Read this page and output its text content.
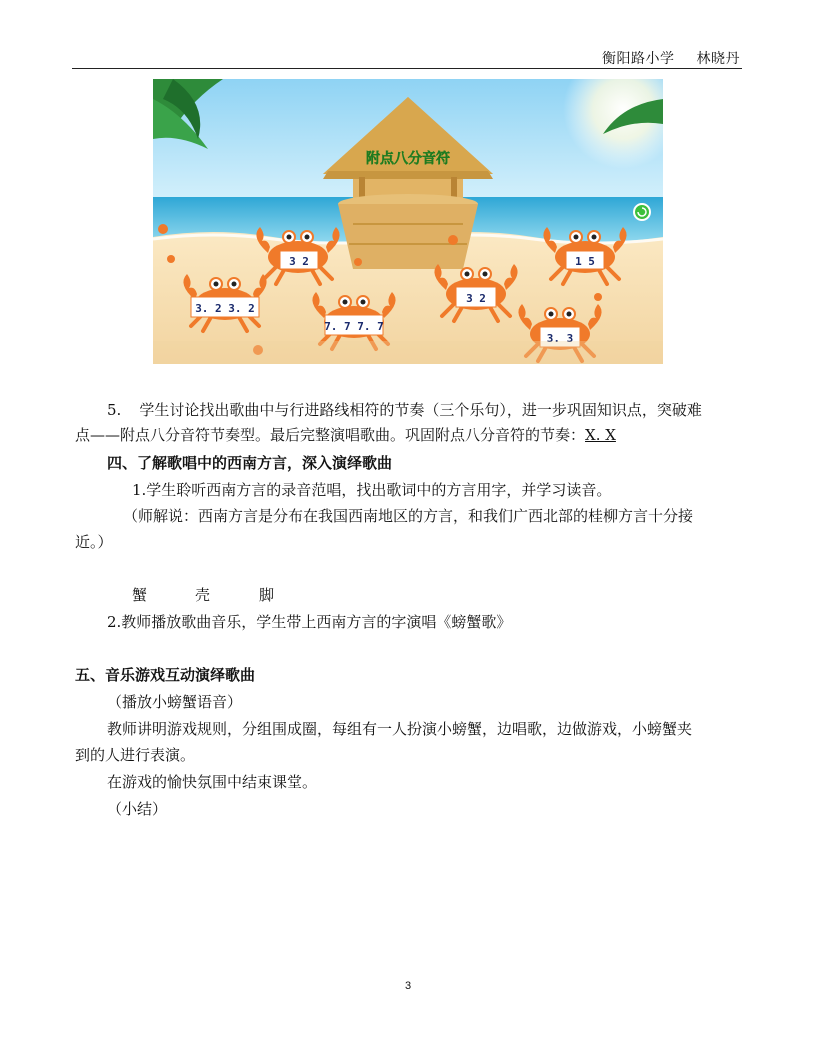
衡阳路小学 林晓丹
附点八分音符
3 2	1 5
3. 2 3. 2
3 2
7. 7 7. 7
3. 3
5. 学生讨论找出歌曲中与行进路线相符的节奏（三个乐句），进一步巩固知识点，突破难
点——附点八分音符节奏型。最后完整演唱歌曲。巩固附点八分音符的节奏：X. X
四、了解歌唱中的西南方言，深入演绎歌曲
1.学生聆听西南方言的录音范唱，找出歌词中的方言用字，并学习读音。
（师解说：西南方言是分布在我国西南地区的方言，和我们广西北部的桂柳方言十分接
近。）
蟹	壳	脚
2.教师播放歌曲音乐，学生带上西南方言的字演唱《螃蟹歌》
五、音乐游戏互动演绎歌曲
（播放小螃蟹语音）
教师讲明游戏规则，分组围成圈，每组有一人扮演小螃蟹，边唱歌，边做游戏，小螃蟹夹
到的人进行表演。
在游戏的愉快氛围中结束课堂。
（小结）
3
